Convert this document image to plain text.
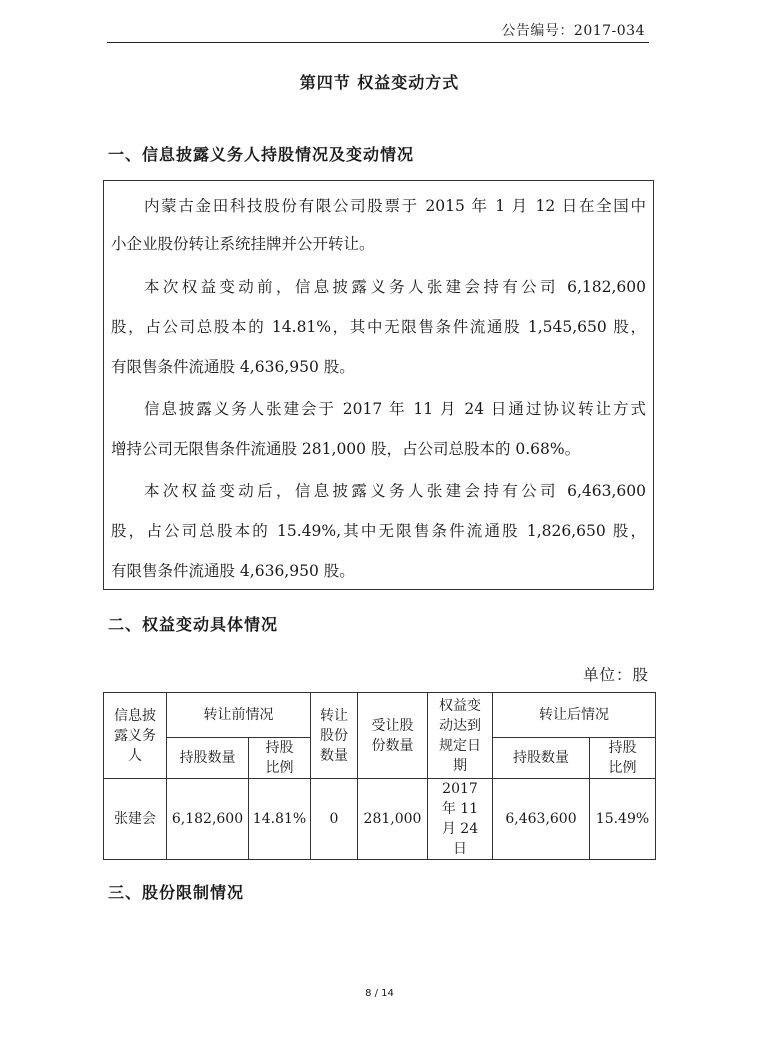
公告编号：2017-034
第四节 权益变动方式
一、信息披露义务人持股情况及变动情况

内蒙古金田科技股份有限公司股票于 2015 年 1 月 12 日在全国中

小企业股份转让系统挂牌并公开转让。

本次权益变动前，信息披露义务人张建会持有公司 6,182,600

股，占公司总股本的 14.81%，其中无限售条件流通股 1,545,650 股，

有限售条件流通股 4,636,950 股。

信息披露义务人张建会于 2017 年 11 月 24 日通过协议转让方式

增持公司无限售条件流通股 281,000 股，占公司总股本的 0.68%。

本次权益变动后，信息披露义务人张建会持有公司 6,463,600

股，占公司总股本的 15.49%,其中无限售条件流通股 1,826,650 股，

有限售条件流通股 4,636,950 股。

二、权益变动具体情况
单位：股
信息披露义务人	转让前情况		转让股份数量	受让股份数量	权益变动达到规定日期	转让后情况	
	持股数量	持股比例				持股数量	持股比例
张建会	6,182,600	14.81%	0	281,000	2017 年 11 月 24 日	6,463,600	15.49%
三、股份限制情况
8 / 14
